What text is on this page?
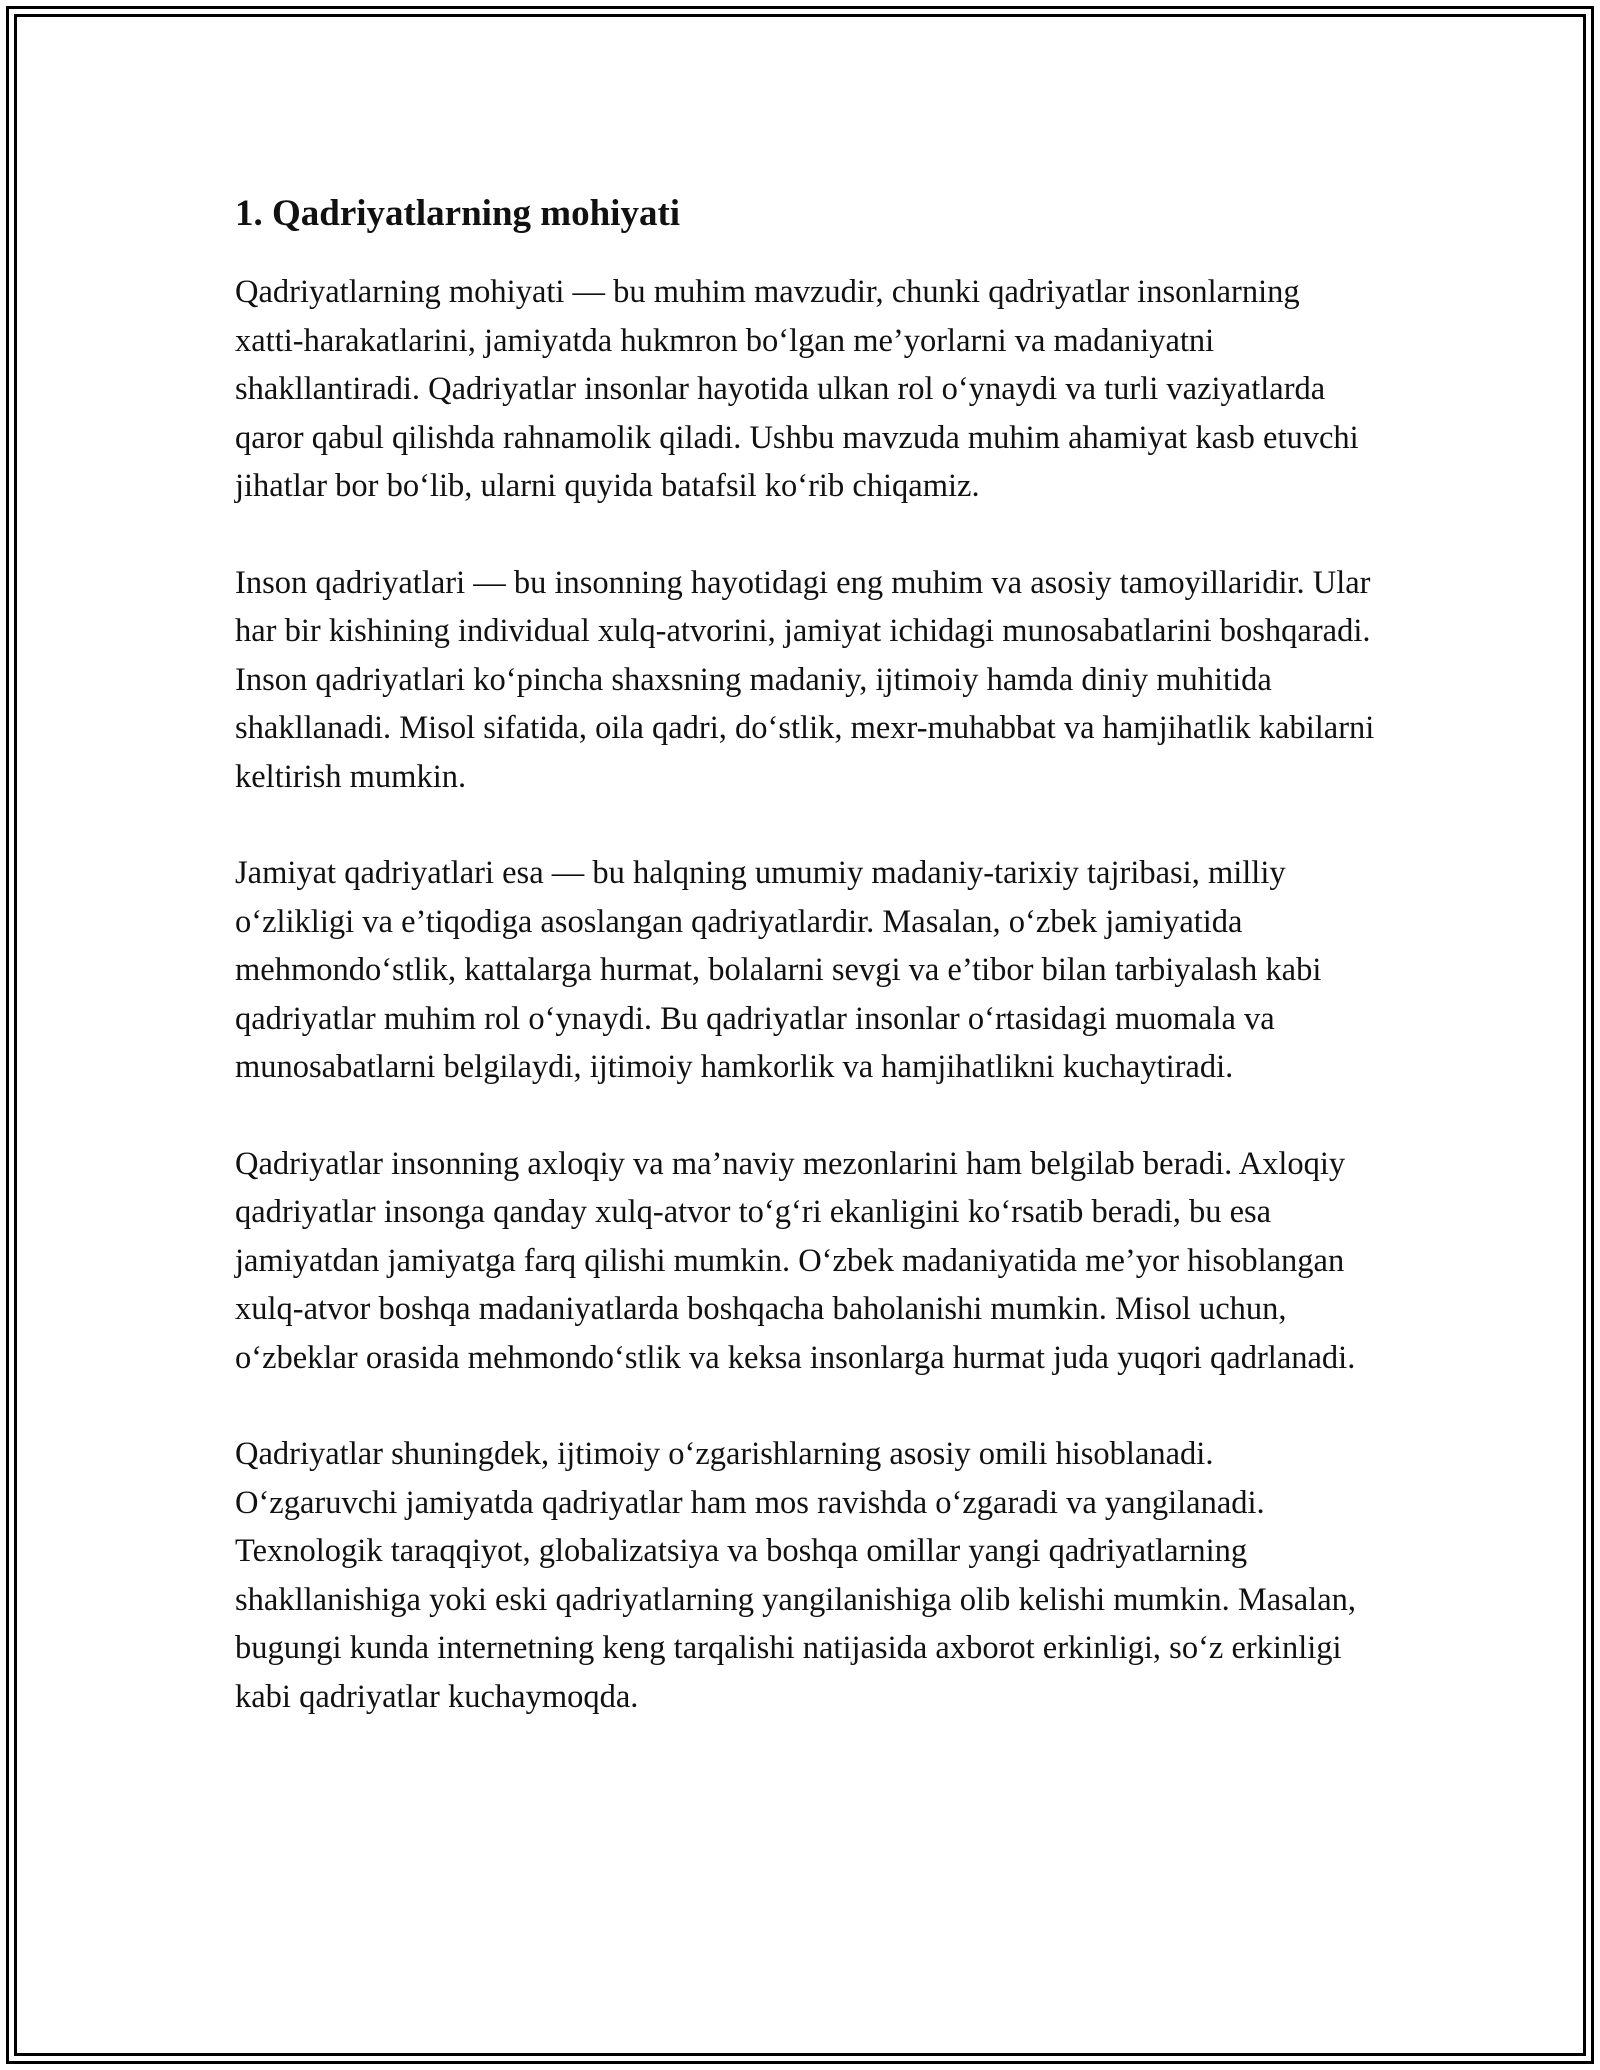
1. Qadriyatlarning mohiyati

Qadriyatlarning mohiyati — bu muhim mavzudir, chunki qadriyatlar insonlarning xatti-harakatlarini, jamiyatda hukmron bo‘lgan me’yorlarni va madaniyatni shakllantiradi. Qadriyatlar insonlar hayotida ulkan rol o‘ynaydi va turli vaziyatlarda qaror qabul qilishda rahnamolik qiladi. Ushbu mavzuda muhim ahamiyat kasb etuvchi jihatlar bor bo‘lib, ularni quyida batafsil ko‘rib chiqamiz.

Inson qadriyatlari — bu insonning hayotidagi eng muhim va asosiy tamoyillaridir. Ular har bir kishining individual xulq-atvorini, jamiyat ichidagi munosabatlarini boshqaradi. Inson qadriyatlari ko‘pincha shaxsning madaniy, ijtimoiy hamda diniy muhitida shakllanadi. Misol sifatida, oila qadri, do‘stlik, mexr-muhabbat va hamjihatlik kabilarni keltirish mumkin.

Jamiyat qadriyatlari esa — bu halqning umumiy madaniy-tarixiy tajribasi, milliy o‘zlikligi va e’tiqodiga asoslangan qadriyatlardir. Masalan, o‘zbek jamiyatida mehmondo‘stlik, kattalarga hurmat, bolalarni sevgi va e’tibor bilan tarbiyalash kabi qadriyatlar muhim rol o‘ynaydi. Bu qadriyatlar insonlar o‘rtasidagi muomala va munosabatlarni belgilaydi, ijtimoiy hamkorlik va hamjihatlikni kuchaytiradi.

Qadriyatlar insonning axloqiy va ma’naviy mezonlarini ham belgilab beradi. Axloqiy qadriyatlar insonga qanday xulq-atvor to‘g‘ri ekanligini ko‘rsatib beradi, bu esa jamiyatdan jamiyatga farq qilishi mumkin. O‘zbek madaniyatida me’yor hisoblangan xulq-atvor boshqa madaniyatlarda boshqacha baholanishi mumkin. Misol uchun, o‘zbeklar orasida mehmondo‘stlik va keksa insonlarga hurmat juda yuqori qadrlanadi.

Qadriyatlar shuningdek, ijtimoiy o‘zgarishlarning asosiy omili hisoblanadi. O‘zgaruvchi jamiyatda qadriyatlar ham mos ravishda o‘zgaradi va yangilanadi. Texnologik taraqqiyot, globalizatsiya va boshqa omillar yangi qadriyatlarning shakllanishiga yoki eski qadriyatlarning yangilanishiga olib kelishi mumkin. Masalan, bugungi kunda internetning keng tarqalishi natijasida axborot erkinligi, so‘z erkinligi kabi qadriyatlar kuchaymoqda.
